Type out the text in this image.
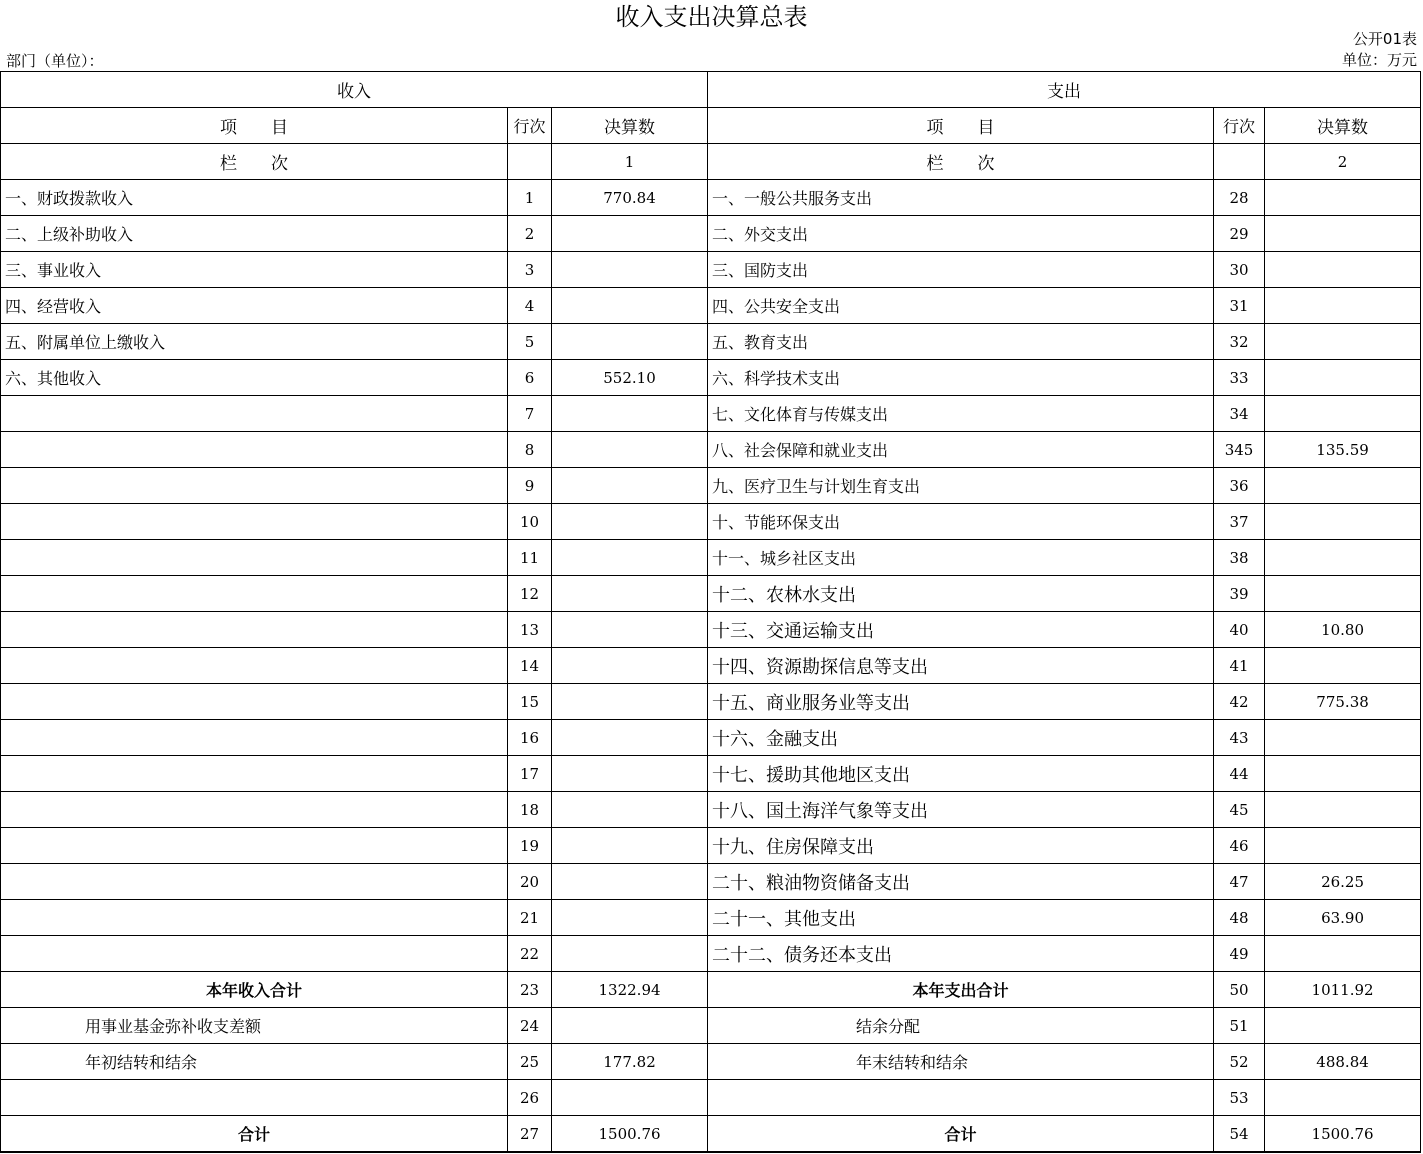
收入支出决算总表
公开01表
单位：万元
部门（单位）：
收入			支出		
项　　目	行次	决算数	项　　目	行次	决算数
栏　　次		1	栏　　次		2
一、财政拨款收入	1	770.84	一、一般公共服务支出	28	
二、上级补助收入	2		二、外交支出	29	
三、事业收入	3		三、国防支出	30	
四、经营收入	4		四、公共安全支出	31	
五、附属单位上缴收入	5		五、教育支出	32	
六、其他收入	6	552.10	六、科学技术支出	33	
	7		七、文化体育与传媒支出	34	
	8		八、社会保障和就业支出	345	135.59
	9		九、医疗卫生与计划生育支出	36	
	10		十、节能环保支出	37	
	11		十一、城乡社区支出	38	
	12		十二、农林水支出	39	
	13		十三、交通运输支出	40	10.80
	14		十四、资源勘探信息等支出	41	
	15		十五、商业服务业等支出	42	775.38
	16		十六、金融支出	43	
	17		十七、援助其他地区支出	44	
	18		十八、国土海洋气象等支出	45	
	19		十九、住房保障支出	46	
	20		二十、粮油物资储备支出	47	26.25
	21		二十一、其他支出	48	63.90
	22		二十二、债务还本支出	49	
本年收入合计	23	1322.94	本年支出合计	50	1011.92
用事业基金弥补收支差额	24		结余分配	51	
年初结转和结余	25	177.82	年末结转和结余	52	488.84
	26			53	
合计	27	1500.76	合计	54	1500.76
